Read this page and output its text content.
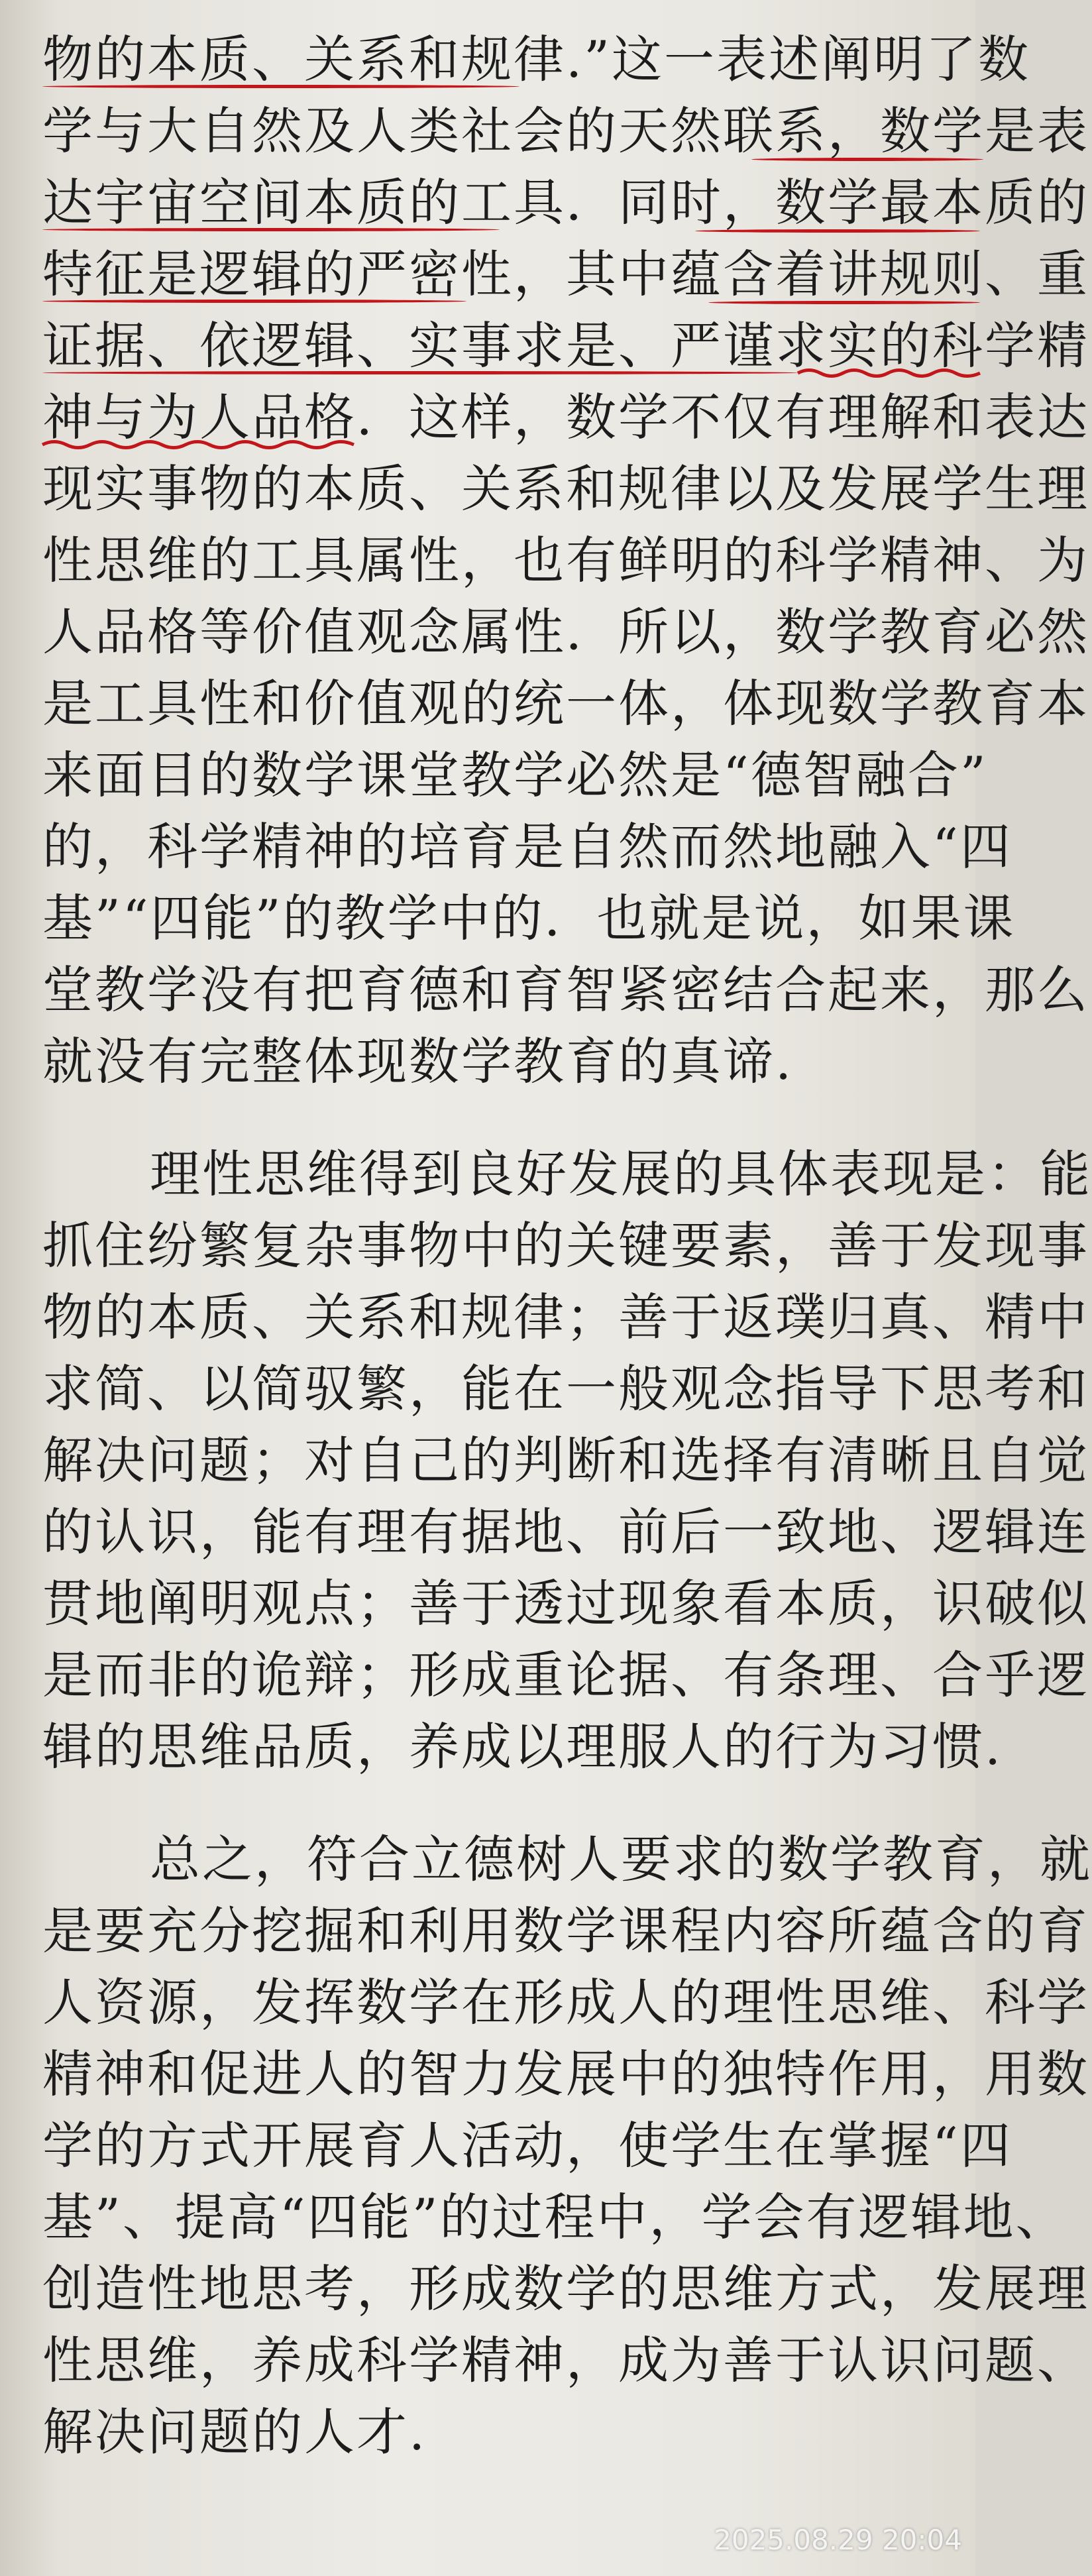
物的本质、关系和规律.”这一表述阐明了数
学与大自然及人类社会的天然联系，数学是表
达宇宙空间本质的工具．同时，数学最本质的
特征是逻辑的严密性，其中蕴含着讲规则、重
证据、依逻辑、实事求是、严谨求实的科学精
神与为人品格．这样，数学不仅有理解和表达
现实事物的本质、关系和规律以及发展学生理
性思维的工具属性，也有鲜明的科学精神、为
人品格等价值观念属性．所以，数学教育必然
是工具性和价值观的统一体，体现数学教育本
来面目的数学课堂教学必然是“德智融合”
的，科学精神的培育是自然而然地融入“四
基”“四能”的教学中的．也就是说，如果课
堂教学没有把育德和育智紧密结合起来，那么
就没有完整体现数学教育的真谛.
理性思维得到良好发展的具体表现是：能
抓住纷繁复杂事物中的关键要素，善于发现事
物的本质、关系和规律；善于返璞归真、精中
求简、以简驭繁，能在一般观念指导下思考和
解决问题；对自己的判断和选择有清晰且自觉
的认识，能有理有据地、前后一致地、逻辑连
贯地阐明观点；善于透过现象看本质，识破似
是而非的诡辩；形成重论据、有条理、合乎逻
辑的思维品质，养成以理服人的行为习惯.
总之，符合立德树人要求的数学教育，就
是要充分挖掘和利用数学课程内容所蕴含的育
人资源，发挥数学在形成人的理性思维、科学
精神和促进人的智力发展中的独特作用，用数
学的方式开展育人活动，使学生在掌握“四
基”、提高“四能”的过程中，学会有逻辑地、
创造性地思考，形成数学的思维方式，发展理
性思维，养成科学精神，成为善于认识问题、
解决问题的人才.
2025.08.29 20:04
